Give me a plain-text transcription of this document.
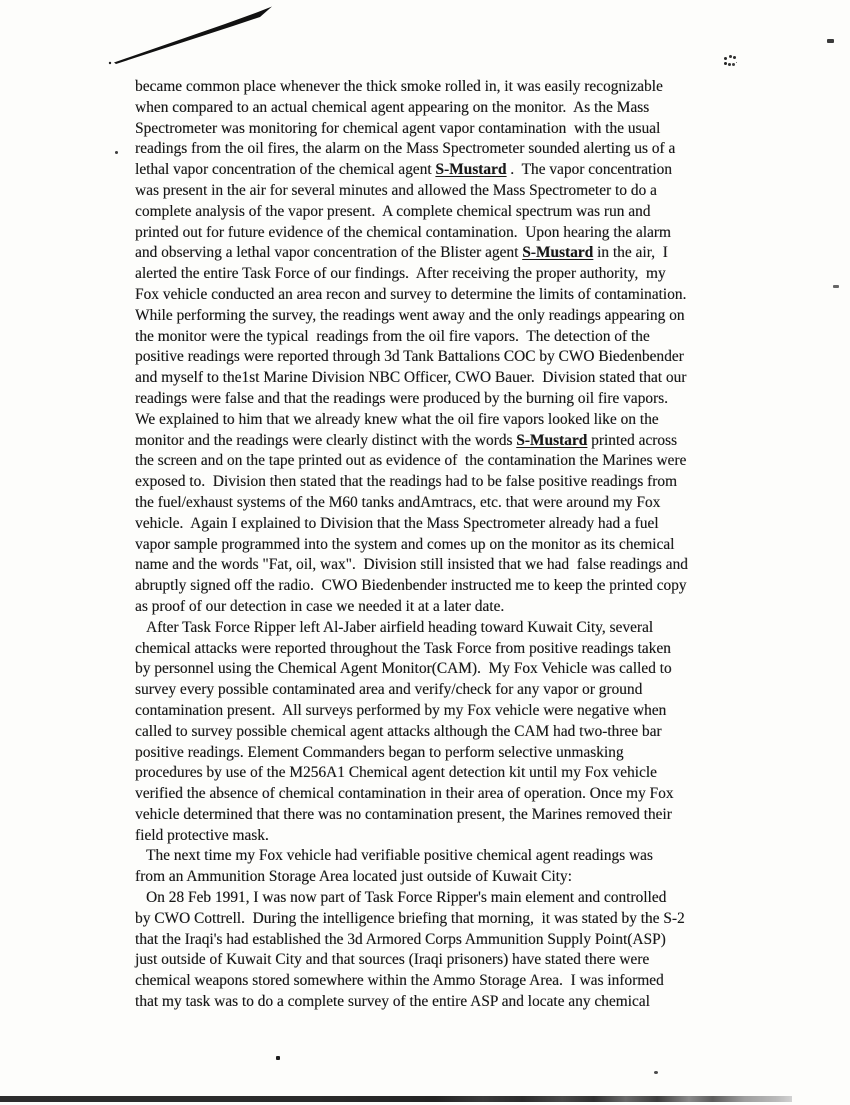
became common place whenever the thick smoke rolled in, it was easily recognizable
when compared to an actual chemical agent appearing on the monitor.  As the Mass
Spectrometer was monitoring for chemical agent vapor contamination  with the usual
readings from the oil fires, the alarm on the Mass Spectrometer sounded alerting us of a
lethal vapor concentration of the chemical agent S-Mustard .  The vapor concentration
was present in the air for several minutes and allowed the Mass Spectrometer to do a
complete analysis of the vapor present.  A complete chemical spectrum was run and
printed out for future evidence of the chemical contamination.  Upon hearing the alarm
and observing a lethal vapor concentration of the Blister agent S-Mustard in the air,  I
alerted the entire Task Force of our findings.  After receiving the proper authority,  my
Fox vehicle conducted an area recon and survey to determine the limits of contamination.
While performing the survey, the readings went away and the only readings appearing on
the monitor were the typical  readings from the oil fire vapors.  The detection of the
positive readings were reported through 3d Tank Battalions COC by CWO Biedenbender
and myself to the1st Marine Division NBC Officer, CWO Bauer.  Division stated that our
readings were false and that the readings were produced by the burning oil fire vapors.
We explained to him that we already knew what the oil fire vapors looked like on the
monitor and the readings were clearly distinct with the words S-Mustard printed across
the screen and on the tape printed out as evidence of  the contamination the Marines were
exposed to.  Division then stated that the readings had to be false positive readings from
the fuel/exhaust systems of the M60 tanks andAmtracs, etc. that were around my Fox
vehicle.  Again I explained to Division that the Mass Spectrometer already had a fuel
vapor sample programmed into the system and comes up on the monitor as its chemical
name and the words "Fat, oil, wax".  Division still insisted that we had  false readings and
abruptly signed off the radio.  CWO Biedenbender instructed me to keep the printed copy
as proof of our detection in case we needed it at a later date.
After Task Force Ripper left Al-Jaber airfield heading toward Kuwait City, several
chemical attacks were reported throughout the Task Force from positive readings taken
by personnel using the Chemical Agent Monitor(CAM).  My Fox Vehicle was called to
survey every possible contaminated area and verify/check for any vapor or ground
contamination present.  All surveys performed by my Fox vehicle were negative when
called to survey possible chemical agent attacks although the CAM had two-three bar
positive readings. Element Commanders began to perform selective unmasking
procedures by use of the M256A1 Chemical agent detection kit until my Fox vehicle
verified the absence of chemical contamination in their area of operation. Once my Fox
vehicle determined that there was no contamination present, the Marines removed their
field protective mask.
The next time my Fox vehicle had verifiable positive chemical agent readings was
from an Ammunition Storage Area located just outside of Kuwait City:
On 28 Feb 1991, I was now part of Task Force Ripper's main element and controlled
by CWO Cottrell.  During the intelligence briefing that morning,  it was stated by the S-2
that the Iraqi's had established the 3d Armored Corps Ammunition Supply Point(ASP)
just outside of Kuwait City and that sources (Iraqi prisoners) have stated there were
chemical weapons stored somewhere within the Ammo Storage Area.  I was informed
that my task was to do a complete survey of the entire ASP and locate any chemical
